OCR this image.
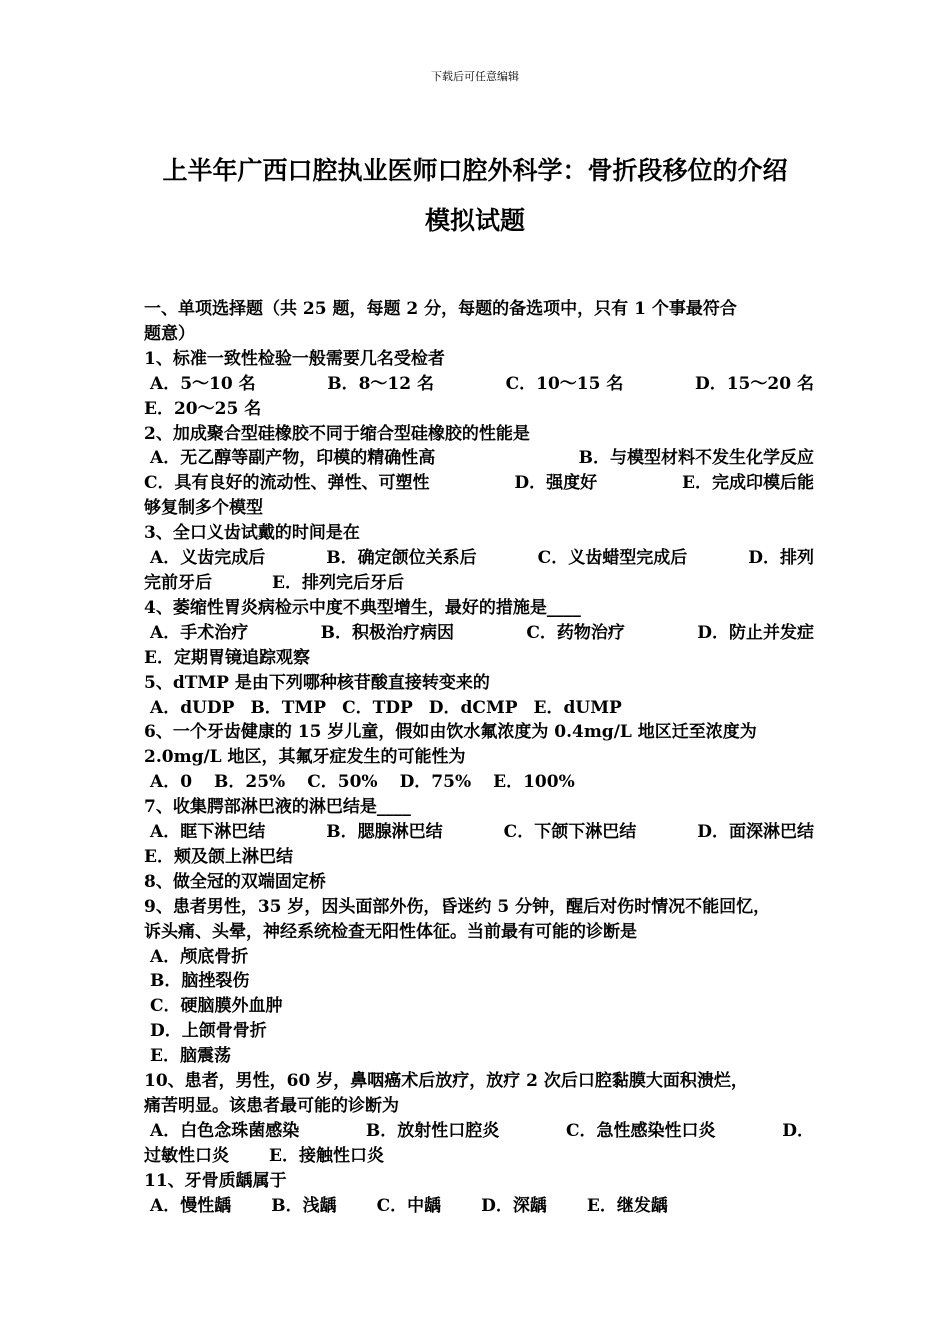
下载后可任意编辑
上半年广西口腔执业医师口腔外科学：骨折段移位的介绍
模拟试题
一、单项选择题（共 25 题，每题 2 分，每题的备选项中，只有 1 个事最符合
题意）
1、标准一致性检验一般需要几名受检者
A．5～10 名	B．8～12 名	C．10～15 名	D．15～20 名
E．20～25 名
2、加成聚合型硅橡胶不同于缩合型硅橡胶的性能是
A．无乙醇等副产物，印模的精确性高	B．与模型材料不发生化学反应
C．具有良好的流动性、弹性、可塑性	D．强度好	E．完成印模后能
够复制多个模型
3、全口义齿试戴的时间是在
A．义齿完成后	B．确定颌位关系后	C．义齿蜡型完成后	D．排列
完前牙后	E．排列完后牙后
4、萎缩性胃炎病检示中度不典型增生，最好的措施是____
A．手术治疗	B．积极治疗病因	C．药物治疗	D．防止并发症
E．定期胃镜追踪观察
5、dTMP 是由下列哪种核苷酸直接转变来的
A．dUDP B．TMP C．TDP D．dCMP E．dUMP
6、一个牙齿健康的 15 岁儿童，假如由饮水氟浓度为 0.4mg/L 地区迁至浓度为
2.0mg/L 地区，其氟牙症发生的可能性为
A．0 B．25% C．50% D．75% E．100%
7、收集腭部淋巴液的淋巴结是____
A．眶下淋巴结	B．腮腺淋巴结	C．下颌下淋巴结	D．面深淋巴结
E．颊及颌上淋巴结
8、做全冠的双端固定桥
9、患者男性，35 岁，因头面部外伤，昏迷约 5 分钟，醒后对伤时情况不能回忆，
诉头痛、头晕，神经系统检查无阳性体征。当前最有可能的诊断是
A．颅底骨折
B．脑挫裂伤
C．硬脑膜外血肿
D．上颌骨骨折
E．脑震荡
10、患者，男性，60 岁，鼻咽癌术后放疗，放疗 2 次后口腔黏膜大面积溃烂，
痛苦明显。该患者最可能的诊断为
A．白色念珠菌感染	B．放射性口腔炎	C．急性感染性口炎	D．
过敏性口炎 E．接触性口炎
11、牙骨质龋属于
A．慢性龋 B．浅龋 C．中龋 D．深龋 E．继发龋
